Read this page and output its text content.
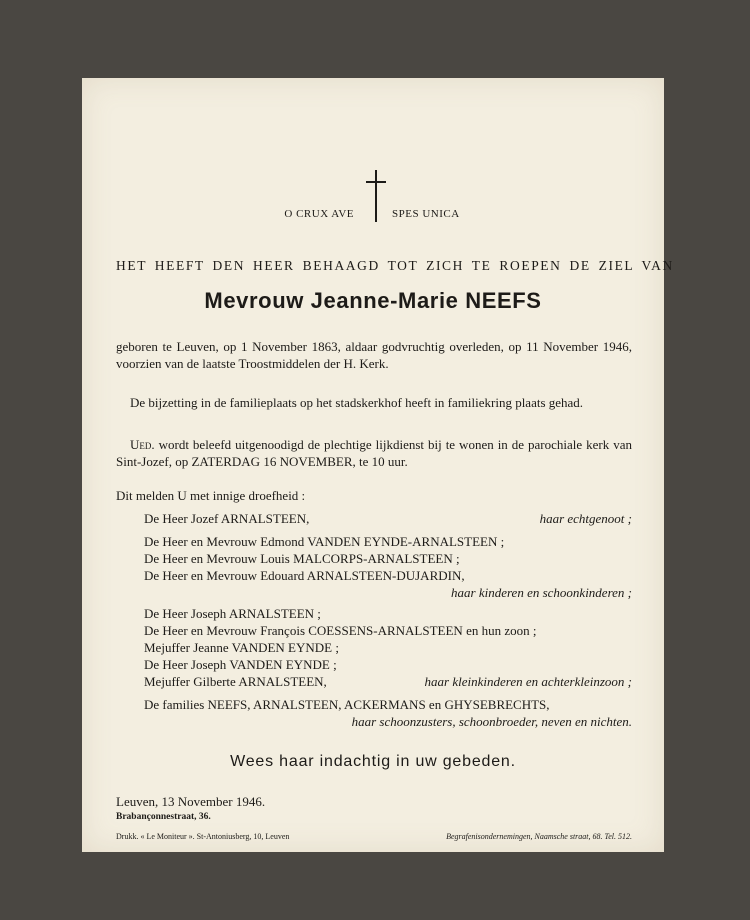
O CRUX AVE	SPES UNICA
HET HEEFT DEN HEER BEHAAGD TOT ZICH TE ROEPEN DE ZIEL VAN
Mevrouw Jeanne-Marie NEEFS
geboren te Leuven, op 1 November 1863, aldaar godvruchtig overleden, op 11 November 1946, voorzien van de laatste Troostmiddelen der H. Kerk.
De bijzetting in de familieplaats op het stadskerkhof heeft in familiekring plaats gehad.
Ued. wordt beleefd uitgenoodigd de plechtige lijkdienst bij te wonen in de parochiale kerk van Sint-Jozef, op ZATERDAG 16 NOVEMBER, te 10 uur.
Dit melden U met innige droefheid :
De Heer Jozef ARNALSTEEN,	haar echtgenoot ;
De Heer en Mevrouw Edmond VANDEN EYNDE-ARNALSTEEN ;
De Heer en Mevrouw Louis MALCORPS-ARNALSTEEN ;
De Heer en Mevrouw Edouard ARNALSTEEN-DUJARDIN,
haar kinderen en schoonkinderen ;
De Heer Joseph ARNALSTEEN ;
De Heer en Mevrouw François COESSENS-ARNALSTEEN en hun zoon ;
Mejuffer Jeanne VANDEN EYNDE ;
De Heer Joseph VANDEN EYNDE ;
Mejuffer Gilberte ARNALSTEEN,	haar kleinkinderen en achterkleinzoon ;
De families NEEFS, ARNALSTEEN, ACKERMANS en GHYSEBRECHTS,
haar schoonzusters, schoonbroeder, neven en nichten.
Wees haar indachtig in uw gebeden.
Leuven, 13 November 1946.
Brabançonnestraat, 36.
Drukk. « Le Moniteur ». St-Antoniusberg, 10, Leuven	Begrafenisondernemingen, Naamsche straat, 68. Tel. 512.
